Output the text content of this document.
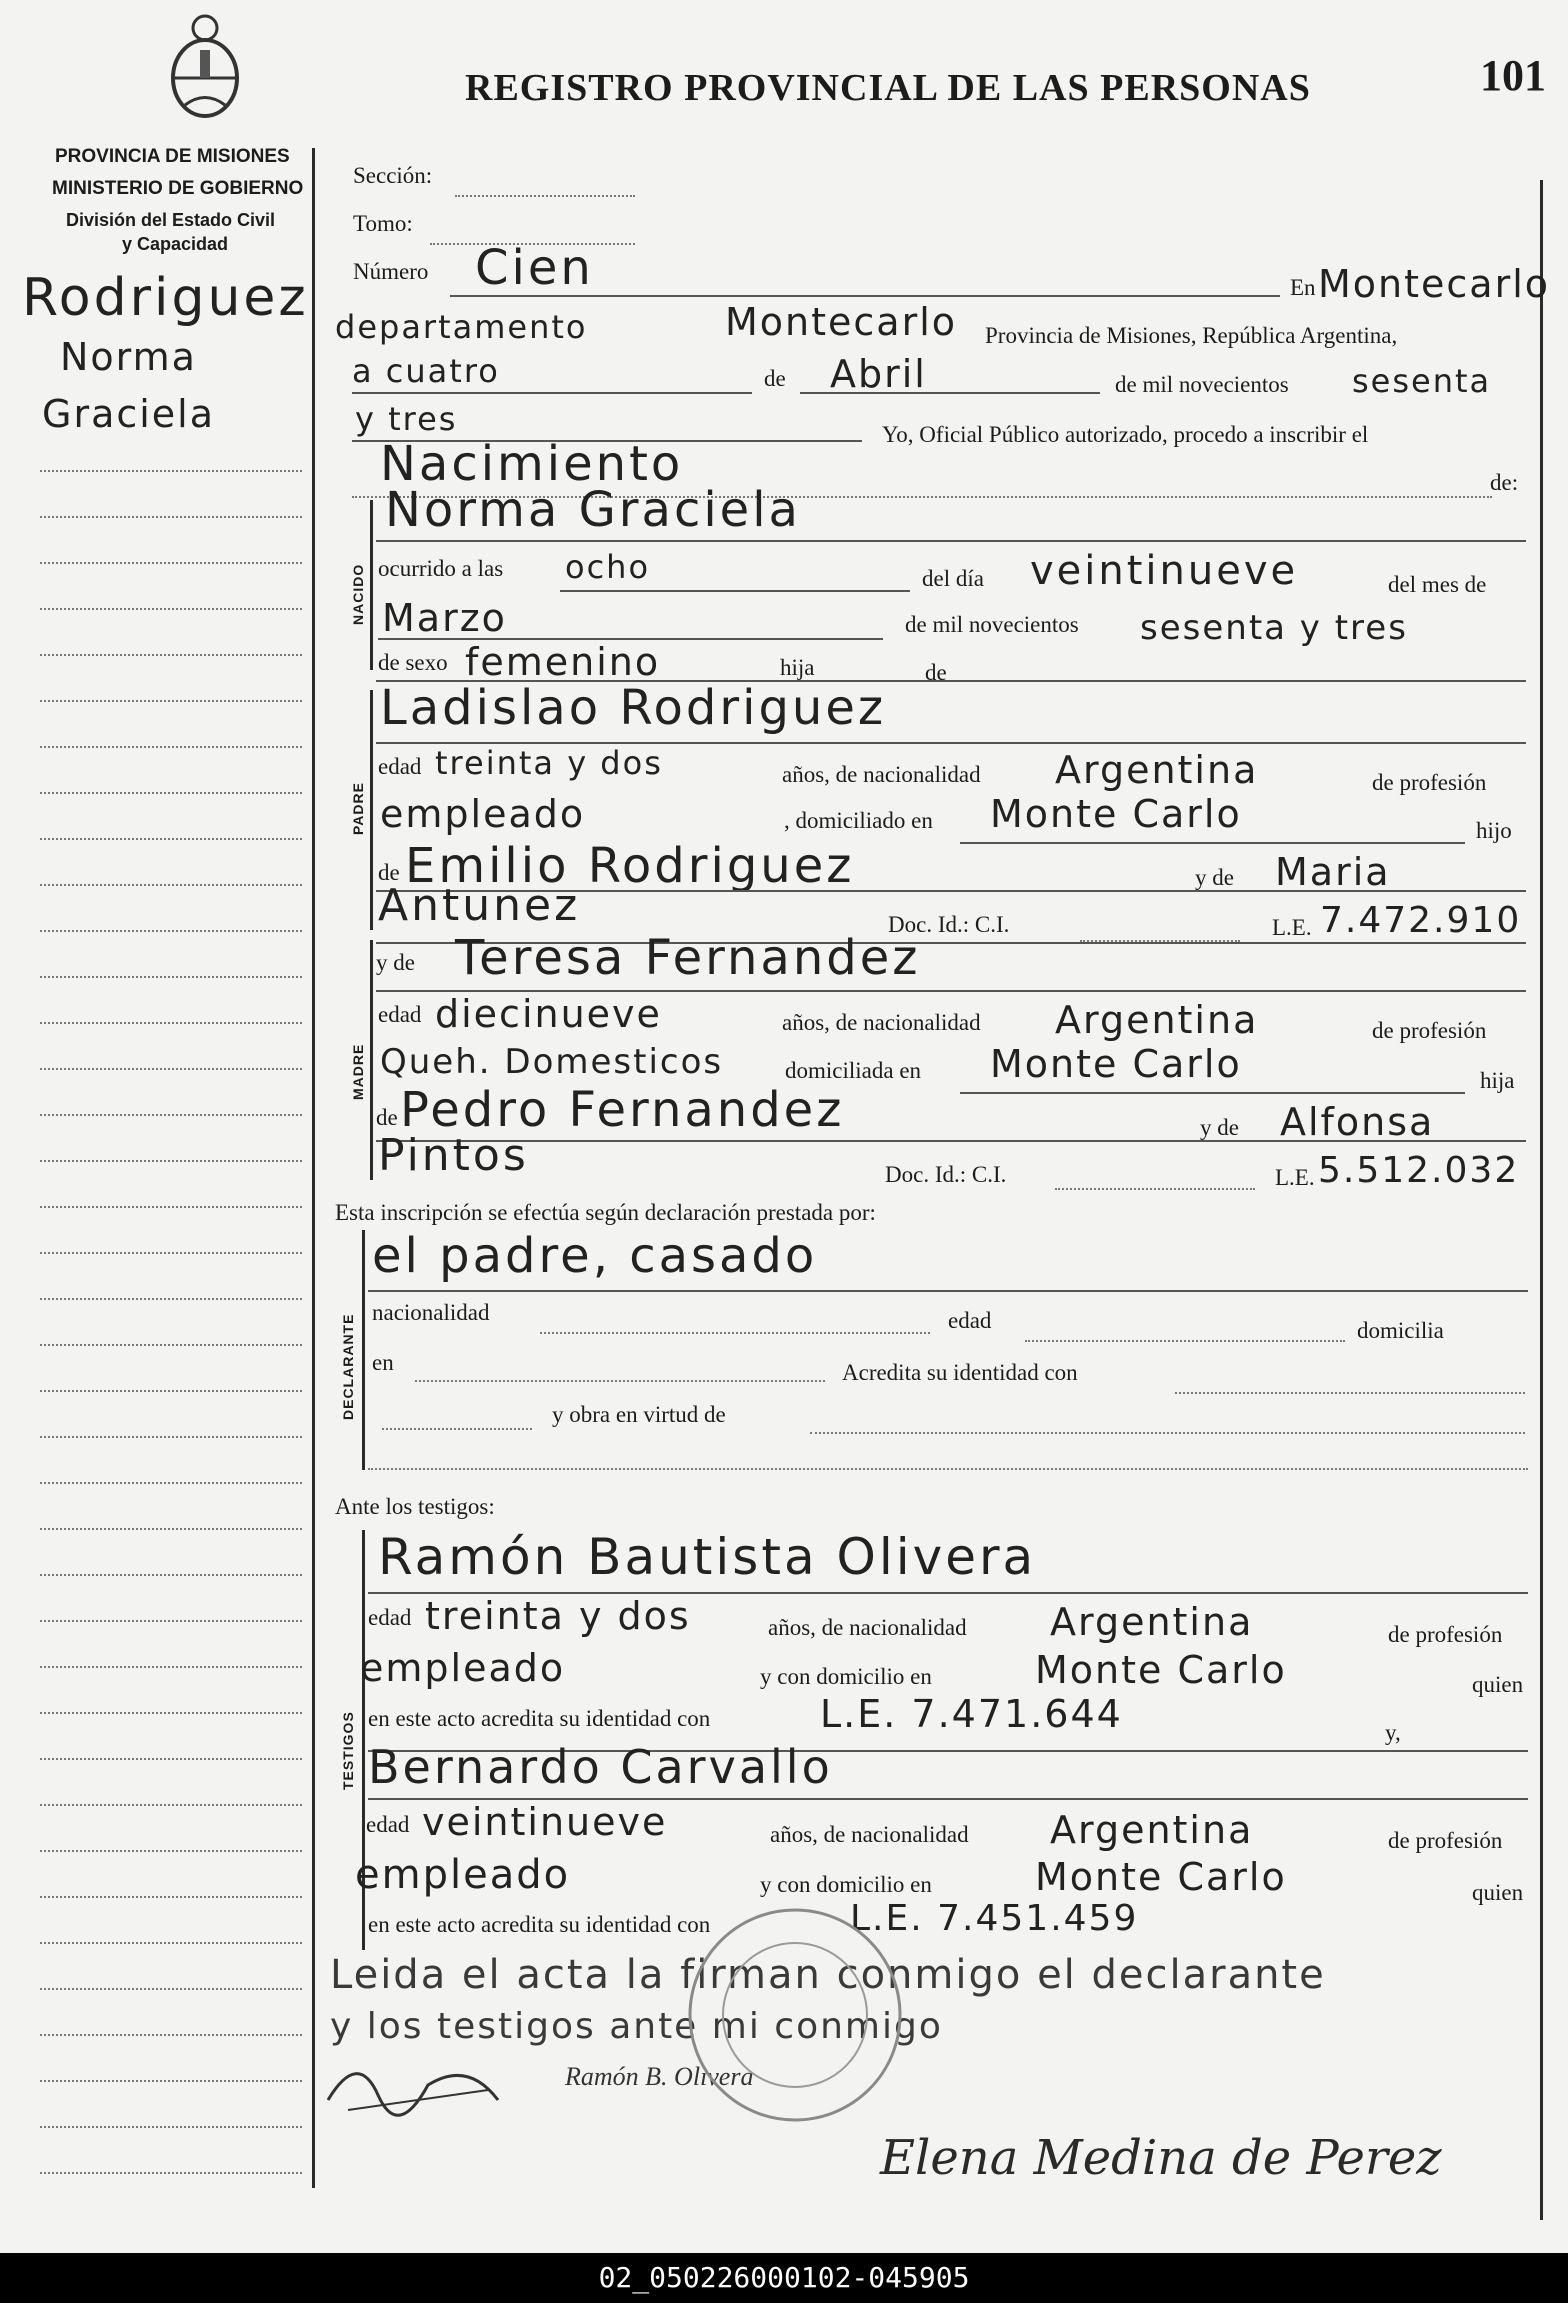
REGISTRO PROVINCIAL DE LAS PERSONAS	101
PROVINCIA DE MISIONES
MINISTERIO DE GOBIERNO
División del Estado Civil
y Capacidad
Rodriguez
Norma
Graciela
Sección:
Tomo:
Número Cien	En Montecarlo
departamento	Montecarlo Provincia de Misiones, República Argentina,
a cuatro	de Abril	de mil novecientos sesenta
y tres	Yo, Oficial Público autorizado, procedo a inscribir el
Nacimiento	de:
Norma Graciela
NACIDO ocurrido a las ocho	del día veintinueve	del mes de
Marzo	de mil novecientos sesenta y tres
de sexo femenino	hija	de
PADRE
Ladislao Rodriguez
edad treinta y dos	años, de nacionalidad Argentina	de profesión
empleado	, domiciliado en Monte Carlo	hijo
de Emilio Rodriguez	y de Maria
Antunez	Doc. Id.: C.I.	L.E. 7.472.910
MADRE
y de Teresa Fernandez
edad diecinueve	años, de nacionalidad Argentina	de profesión
Queh. Domesticos	domiciliada en Monte Carlo	hija
de Pedro Fernandez	y de Alfonsa
Pintos	Doc. Id.: C.I.	L.E. 5.512.032
Esta inscripción se efectúa según declaración prestada por:
DECLARANTE
el padre, casado
nacionalidad	edad	domicilia
en	Acredita su identidad con
y obra en virtud de
Ante los testigos:
TESTIGOS
Ramón Bautista Olivera
edad treinta y dos	años, de nacionalidad Argentina	de profesión
empleado	y con domicilio en	Monte Carlo	quien
en este acto acredita su identidad con	L.E. 7.471.644	y,
Bernardo Carvallo
edad veintinueve	años, de nacionalidad Argentina	de profesión
empleado	y con domicilio en	Monte Carlo	quien
en este acto acredita su identidad con	L.E. 7.451.459
Leida el acta la firman conmigo el declarante
y los testigos ante mi conmigo
Ramón B. Olivera
Elena Medina de Perez
02_050226000102-045905
